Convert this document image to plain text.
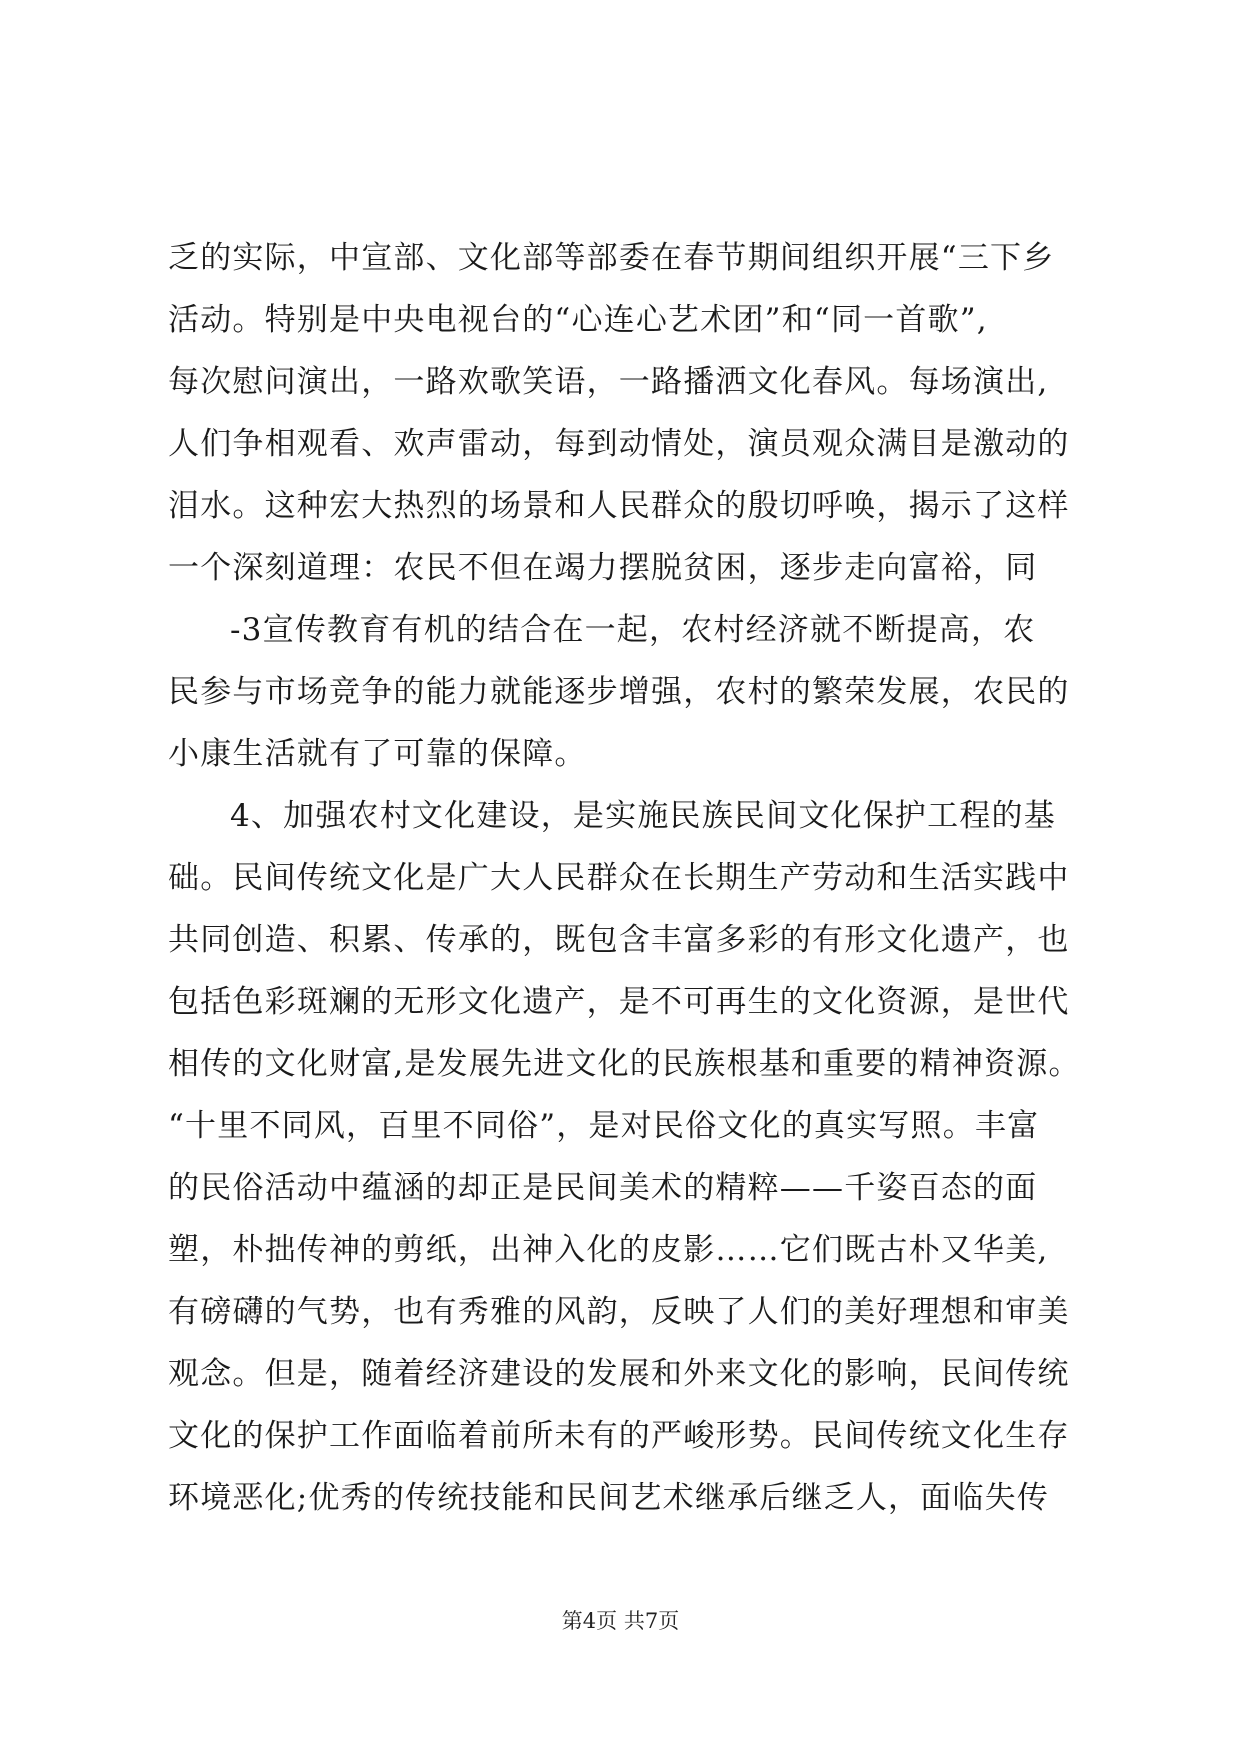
乏的实际，中宣部、文化部等部委在春节期间组织开展“三下乡
活动。特别是中央电视台的“心连心艺术团”和“同一首歌”,
每次慰问演出，一路欢歌笑语，一路播洒文化春风。每场演出,
人们争相观看、欢声雷动，每到动情处，演员观众满目是激动的
泪水。这种宏大热烈的场景和人民群众的殷切呼唤，揭示了这样
一个深刻道理：农民不但在竭力摆脱贫困，逐步走向富裕，同
-3宣传教育有机的结合在一起，农村经济就不断提高，农
民参与市场竞争的能力就能逐步增强，农村的繁荣发展，农民的
小康生活就有了可靠的保障。
4、加强农村文化建设，是实施民族民间文化保护工程的基
础。民间传统文化是广大人民群众在长期生产劳动和生活实践中
共同创造、积累、传承的，既包含丰富多彩的有形文化遗产，也
包括色彩斑斓的无形文化遗产，是不可再生的文化资源，是世代
相传的文化财富,是发展先进文化的民族根基和重要的精神资源。
“十里不同风，百里不同俗”，是对民俗文化的真实写照。丰富
的民俗活动中蕴涵的却正是民间美术的精粹——千姿百态的面
塑，朴拙传神的剪纸，出神入化的皮影……它们既古朴又华美,
有磅礴的气势，也有秀雅的风韵，反映了人们的美好理想和审美
观念。但是，随着经济建设的发展和外来文化的影响，民间传统
文化的保护工作面临着前所未有的严峻形势。民间传统文化生存
环境恶化;优秀的传统技能和民间艺术继承后继乏人，面临失传
第4页 共7页
